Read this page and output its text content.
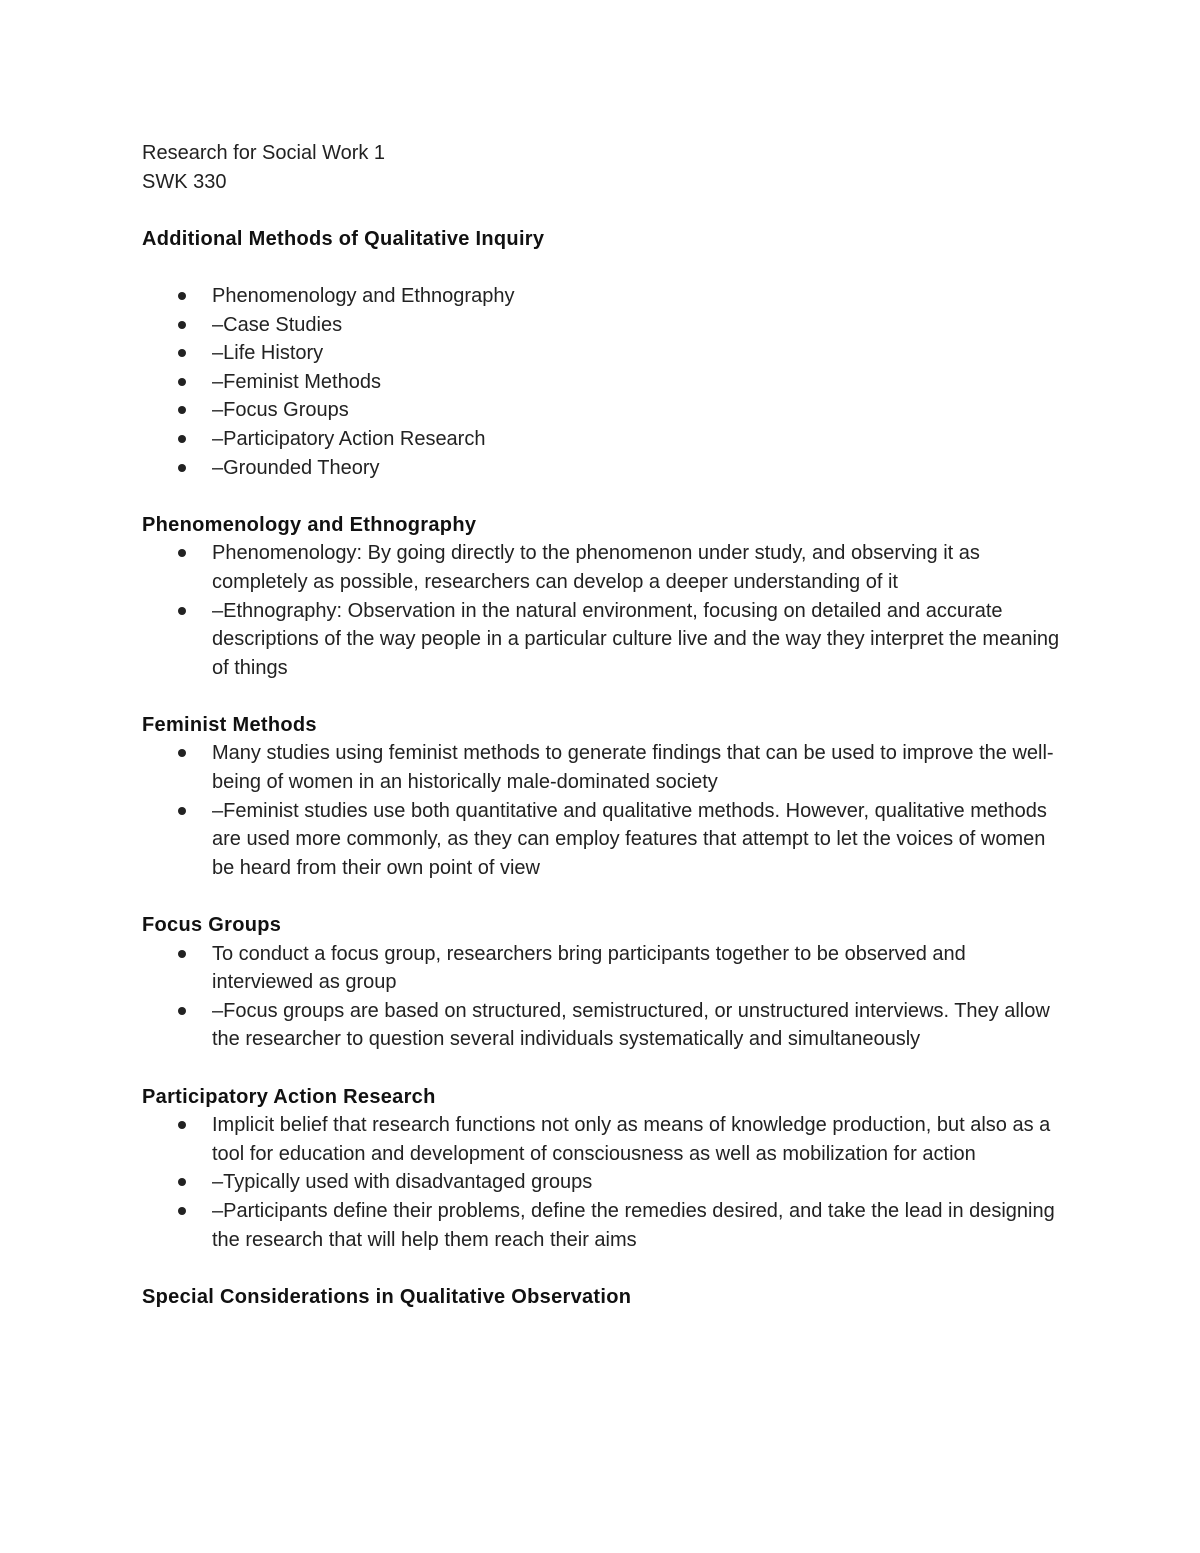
Research for Social Work 1
SWK 330
Additional Methods of Qualitative Inquiry
Phenomenology and Ethnography
–Case Studies
–Life History
–Feminist Methods
–Focus Groups
–Participatory Action Research
–Grounded Theory
Phenomenology and Ethnography
Phenomenology: By going directly to the phenomenon under study, and observing it as completely as possible, researchers can develop a deeper understanding of it
–Ethnography: Observation in the natural environment, focusing on detailed and accurate descriptions of the way people in a particular culture live and the way they interpret the meaning of things
Feminist Methods
Many studies using feminist methods to generate findings that can be used to improve the well-being of women in an historically male-dominated society
–Feminist studies use both quantitative and qualitative methods. However, qualitative methods are used more commonly, as they can employ features that attempt to let the voices of women be heard from their own point of view
Focus Groups
To conduct a focus group, researchers bring participants together to be observed and interviewed as group
–Focus groups are based on structured, semistructured, or unstructured interviews. They allow the researcher to question several individuals systematically and simultaneously
Participatory Action Research
Implicit belief that research functions not only as means of knowledge production, but also as a tool for education and development of consciousness as well as mobilization for action
–Typically used with disadvantaged groups
–Participants define their problems, define the remedies desired, and take the lead in designing the research that will help them reach their aims
Special Considerations in Qualitative Observation
